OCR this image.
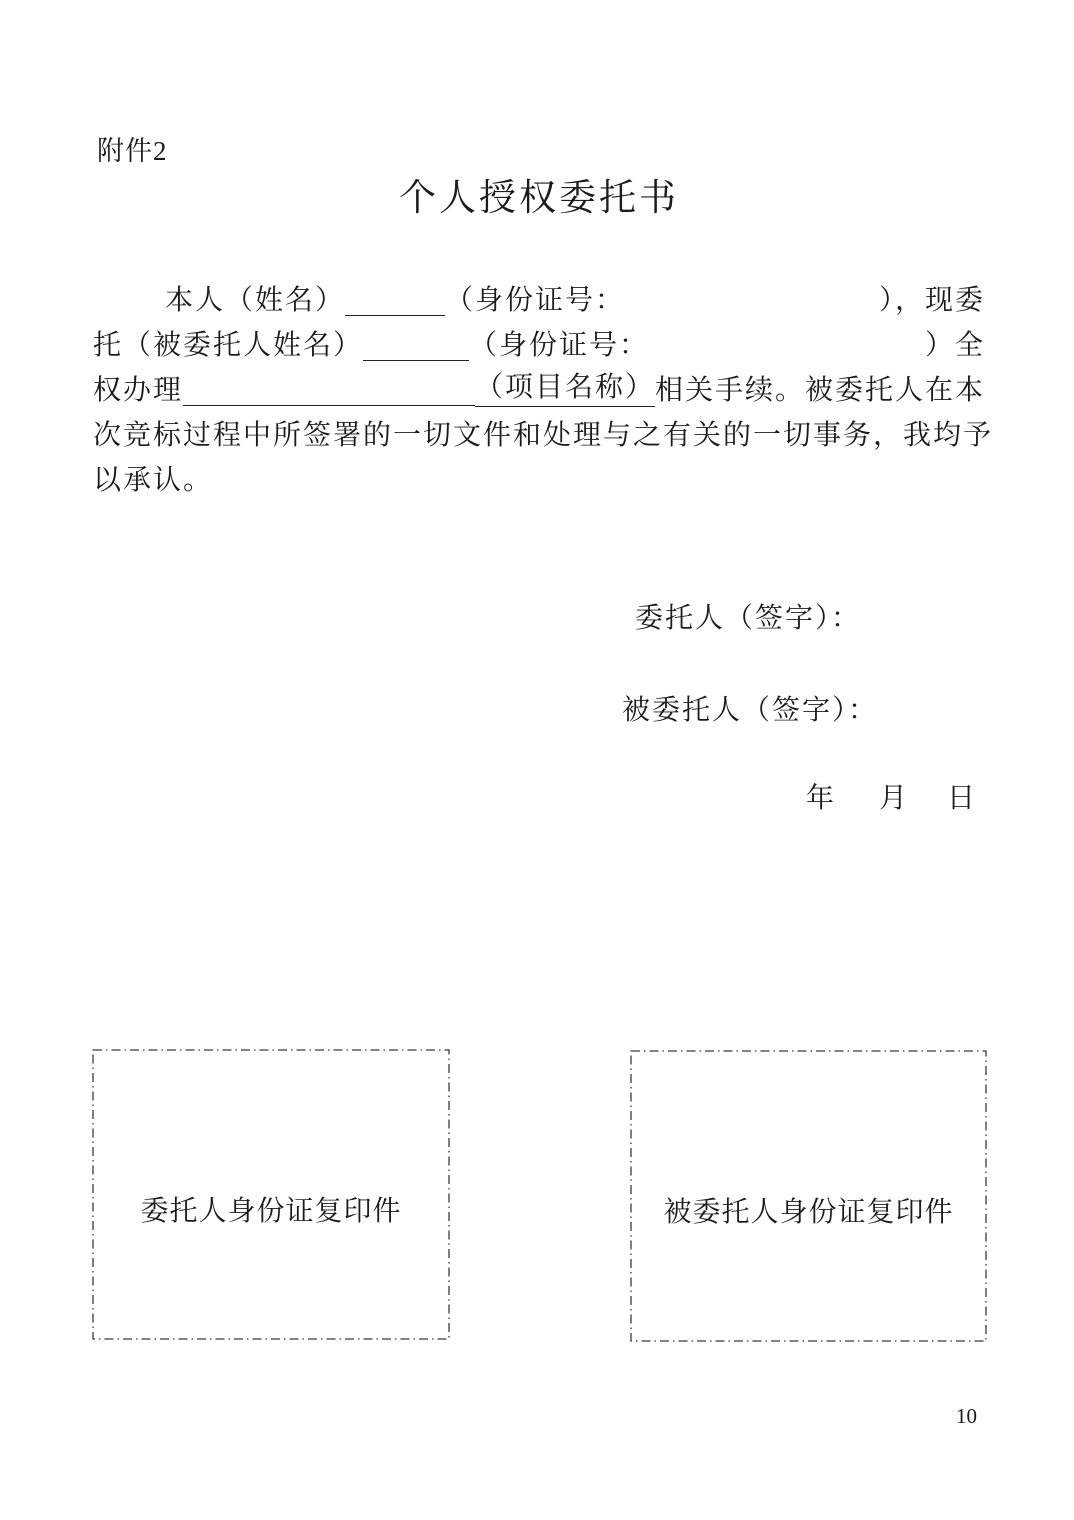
附件2
个人授权委托书
本人（姓名）	（身份证号：	），现委
托（被委托人姓名）	（身份证号：	）全
权办理	（项目名称） 相关手续。被委托人在本
次竞标过程中所签署的一切文件和处理与之有关的一切事务，我均予
以承认。
委托人（签字）：
被委托人（签字）：
年 月 日
委托人身份证复印件	被委托人身份证复印件
10
